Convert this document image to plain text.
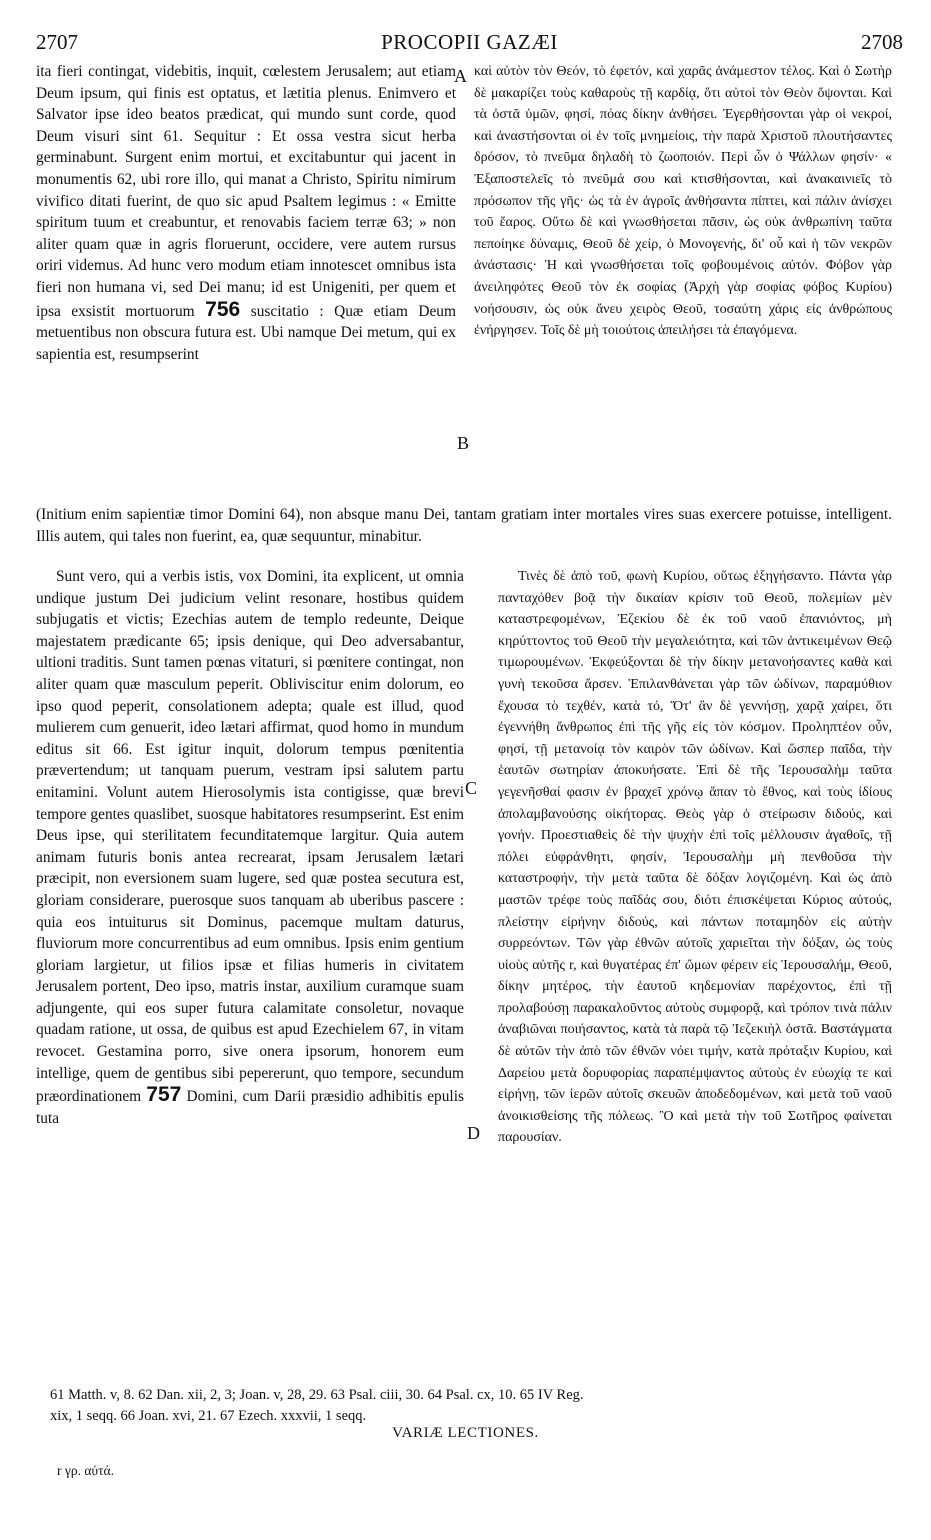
2707	PROCOPII GAZÆI	2708

ita fieri contingat, videbitis, inquit, cœlestem Jerusalem; aut etiam Deum ipsum, qui finis est optatus, et lætitia plenus. Enimvero et Salvator ipse ideo beatos prædicat, qui mundo sunt corde, quod Deum visuri sint 61. Sequitur : Et ossa vestra sicut herba germinabunt. Surgent enim mortui, et excitabuntur qui jacent in monumentis 62, ubi rore illo, qui manat a Christo, Spiritu nimirum vivifico ditati fuerint, de quo sic apud Psaltem legimus : « Emitte spiritum tuum et creabuntur, et renovabis faciem terræ 63; » non aliter quam quæ in agris floruerunt, occidere, vere autem rursus oriri videmus. Ad hunc vero modum etiam innotescet omnibus ista fieri non humana vi, sed Dei manu; id est Unigeniti, per quem et ipsa exsistit mortuorum 756 suscitatio : Quæ etiam Deum metuentibus non obscura futura est. Ubi namque Dei metum, qui ex sapientia est, resumpserint

A
B

καὶ αὐτὸν τὸν Θεόν, τὸ ἐφετόν, καὶ χαρᾶς ἀνάμεστον τέλος. Καὶ ὁ Σωτὴρ δὲ μακαρίζει τοὺς καθαροὺς τῇ καρδίᾳ, ὅτι αὐτοὶ τὸν Θεὸν ὄψονται. Καὶ τὰ ὀστᾶ ὑμῶν, φησί, πόας δίκην ἀνθήσει. Ἐγερθήσονται γὰρ οἱ νεκροί, καὶ ἀναστήσονται οἱ ἐν τοῖς μνημείοις, τὴν παρὰ Χριστοῦ πλουτήσαντες δρόσον, τὸ πνεῦμα δηλαδὴ τὸ ζωοποιόν. Περὶ ὧν ὁ Ψάλλων φησίν· « Ἐξαποστελεῖς τὸ πνεῦμά σου καὶ κτισθήσονται, καὶ ἀνακαινιεῖς τὸ πρόσωπον τῆς γῆς· ὡς τὰ ἐν ἀγροῖς ἀνθήσαντα πίπτει, καὶ πάλιν ἀνίσχει τοῦ ἔαρος. Οὕτω δὲ καὶ γνωσθήσεται πᾶσιν, ὡς οὐκ ἀνθρωπίνη ταῦτα πεποίηκε δύναμις, Θεοῦ δὲ χείρ, ὁ Μονογενής, δι' οὗ καὶ ἡ τῶν νεκρῶν ἀνάστασις· Ἡ καὶ γνωσθήσεται τοῖς φοβουμένοις αὐτόν. Φόβον γὰρ ἀνειληφότες Θεοῦ τὸν ἐκ σοφίας (Ἀρχὴ γὰρ σοφίας φόβος Κυρίου) νοήσουσιν, ὡς οὐκ ἄνευ χειρὸς Θεοῦ, τοσαύτη χάρις εἰς ἀνθρώπους ἐνήργησεν. Τοῖς δὲ μὴ τοιούτοις ἀπειλήσει τὰ ἐπαγόμενα.

(Initium enim sapientiæ timor Domini 64), non absque manu Dei, tantam gratiam inter mortales vires suas exercere potuisse, intelligent. Illis autem, qui tales non fuerint, ea, quæ sequuntur, minabitur.

Sunt vero, qui a verbis istis, vox Domini, ita explicent, ut omnia undique justum Dei judicium velint resonare, hostibus quidem subjugatis et victis; Ezechias autem de templo redeunte, Deique majestatem prædicante 65; ipsis denique, qui Deo adversabantur, ultioni traditis. Sunt tamen pœnas vitaturi, si pœnitere contingat, non aliter quam quæ masculum peperit. Obliviscitur enim dolorum, eo ipso quod peperit, consolationem adepta; quale est illud, quod mulierem cum genuerit, ideo lætari affirmat, quod homo in mundum editus sit 66. Est igitur inquit, dolorum tempus pœnitentia prævertendum; ut tanquam puerum, vestram ipsi salutem partu enitamini. Volunt autem Hierosolymis ista contigisse, quæ brevi tempore gentes quaslibet, suosque habitatores resumpserint. Est enim Deus ipse, qui sterilitatem fecunditatemque largitur. Quia autem animam futuris bonis antea recrearat, ipsam Jerusalem lætari præcipit, non eversionem suam lugere, sed quæ postea secutura est, gloriam considerare, puerosque suos tanquam ab uberibus pascere : quia eos intuiturus sit Dominus, pacemque multam daturus, fluviorum more concurrentibus ad eum omnibus. Ipsis enim gentium gloriam largietur, ut filios ipsæ et filias humeris in civitatem Jerusalem portent, Deo ipso, matris instar, auxilium curamque suam adjungente, qui eos super futura calamitate consoletur, novaque quadam ratione, ut ossa, de quibus est apud Ezechielem 67, in vitam revocet. Gestamina porro, sive onera ipsorum, honorem eum intellige, quem de gentibus sibi pepererunt, quo tempore, secundum præordinationem 757 Domini, cum Darii præsidio adhibitis epulis tuta

C
D

Τινὲς δὲ ἀπὸ τοῦ, φωνὴ Κυρίου, οὕτως ἐξηγήσαντο. Πάντα γὰρ πανταχόθεν βοᾷ τὴν δικαίαν κρίσιν τοῦ Θεοῦ, πολεμίων μὲν καταστρεφομένων, Ἐζεκίου δὲ ἐκ τοῦ ναοῦ ἐπανιόντος, μὴ κηρύττοντος τοῦ Θεοῦ τὴν μεγαλειότητα, καὶ τῶν ἀντικειμένων Θεῷ τιμωρουμένων. Ἐκφεύξονται δὲ τὴν δίκην μετανοήσαντες καθὰ καὶ γυνὴ τεκοῦσα ἄρσεν. Ἐπιλανθάνεται γὰρ τῶν ὠδίνων, παραμύθιον ἔχουσα τὸ τεχθέν, κατὰ τό, Ὅτ' ἂν δὲ γεννήσῃ, χαρᾷ χαίρει, ὅτι ἐγεννήθη ἄνθρωπος ἐπὶ τῆς γῆς εἰς τὸν κόσμον. Προληπτέον οὖν, φησί, τῇ μετανοίᾳ τὸν καιρὸν τῶν ὠδίνων. Καὶ ὥσπερ παῖδα, τὴν ἑαυτῶν σωτηρίαν ἀποκυήσατε. Ἐπὶ δὲ τῆς Ἱερουσαλὴμ ταῦτα γεγενῆσθαί φασιν ἐν βραχεῖ χρόνῳ ἅπαν τὸ ἔθνος, καὶ τοὺς ἰδίους ἀπολαμβανούσης οἰκήτορας. Θεὸς γὰρ ὁ στείρωσιν διδούς, καὶ γονήν. Προεστιαθεὶς δὲ τὴν ψυχὴν ἐπὶ τοῖς μέλλουσιν ἀγαθοῖς, τῇ πόλει εὐφράνθητι, φησίν, Ἱερουσαλὴμ μὴ πενθοῦσα τὴν καταστροφήν, τὴν μετὰ ταῦτα δὲ δόξαν λογιζομένη. Καὶ ὡς ἀπὸ μαστῶν τρέφε τοὺς παῖδάς σου, διότι ἐπισκέψεται Κύριος αὐτούς, πλείστην εἰρήνην διδούς, καὶ πάντων ποταμηδὸν εἰς αὐτὴν συρρεόντων. Τῶν γὰρ ἐθνῶν αὐτοῖς χαριεῖται τὴν δόξαν, ὡς τοὺς υἱοὺς αὐτῆς r, καὶ θυγατέρας ἐπ' ὤμων φέρειν εἰς Ἱερουσαλήμ, Θεοῦ, δίκην μητέρος, τὴν ἑαυτοῦ κηδεμονίαν παρέχοντος, ἐπὶ τῇ προλαβούσῃ παρακαλοῦντος αὐτοὺς συμφορᾷ, καὶ τρόπον τινὰ πάλιν ἀναβιῶναι ποιήσαντος, κατὰ τὰ παρὰ τῷ Ἰεζεκιὴλ ὀστᾶ. Βαστάγματα δὲ αὐτῶν τὴν ἀπὸ τῶν ἐθνῶν νόει τιμήν, κατὰ πρόταξιν Κυρίου, καὶ Δαρείου μετὰ δορυφορίας παραπέμψαντος αὐτοὺς ἐν εὐωχίᾳ τε καὶ εἰρήνῃ, τῶν ἱερῶν αὐτοῖς σκευῶν ἀποδεδομένων, καὶ μετὰ τοῦ ναοῦ ἀνοικισθείσης τῆς πόλεως. Ὃ καὶ μετὰ τὴν τοῦ Σωτῆρος φαίνεται παρουσίαν.

61 Matth. v, 8. 62 Dan. xii, 2, 3; Joan. v, 28, 29. 63 Psal. ciii, 30. 64 Psal. cx, 10. 65 IV Reg.

xix, 1 seqq. 66 Joan. xvi, 21. 67 Ezech. xxxvii, 1 seqq.

VARIÆ LECTIONES.
r γρ. αὐτά.
